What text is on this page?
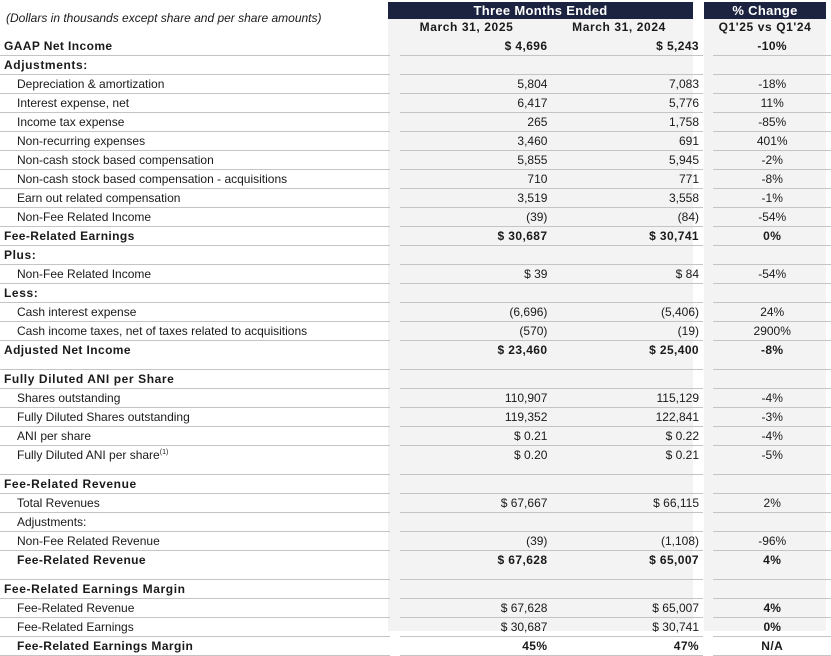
(Dollars in thousands except share and per share amounts)	Three Months Ended	% Change
March 31, 2025	March 31, 2024	Q1'25 vs Q1'24
GAAP Net Income		$ 4,696	$ 5,243		-10%
Adjustments:					
Depreciation & amortization		5,804	7,083		-18%
Interest expense, net		6,417	5,776		11%
Income tax expense		265	1,758		-85%
Non-recurring expenses		3,460	691		401%
Non-cash stock based compensation		5,855	5,945		-2%
Non-cash stock based compensation - acquisitions		710	771		-8%
Earn out related compensation		3,519	3,558		-1%
Non-Fee Related Income		(39)	(84)		-54%
Fee-Related Earnings		$ 30,687	$ 30,741		0%
Plus:					
Non-Fee Related Income		$ 39	$ 84		-54%
Less:					
Cash interest expense		(6,696)	(5,406)		24%
Cash income taxes, net of taxes related to acquisitions		(570)	(19)		2900%
Adjusted Net Income		$ 23,460	$ 25,400		-8%

Fully Diluted ANI per Share					
Shares outstanding		110,907	115,129		-4%
Fully Diluted Shares outstanding		119,352	122,841		-3%
ANI per share		$ 0.21	$ 0.22		-4%
Fully Diluted ANI per share$^{(1)}$		$ 0.20	$ 0.21		-5%

Fee-Related Revenue					
Total Revenues		$ 67,667	$ 66,115		2%
Adjustments:					
Non-Fee Related Revenue		(39)	(1,108)		-96%
Fee-Related Revenue		$ 67,628	$ 65,007		4%

Fee-Related Earnings Margin					
Fee-Related Revenue		$ 67,628	$ 65,007		4%
Fee-Related Earnings		$ 30,687	$ 30,741		0%
Fee-Related Earnings Margin		45%	47%		N/A
